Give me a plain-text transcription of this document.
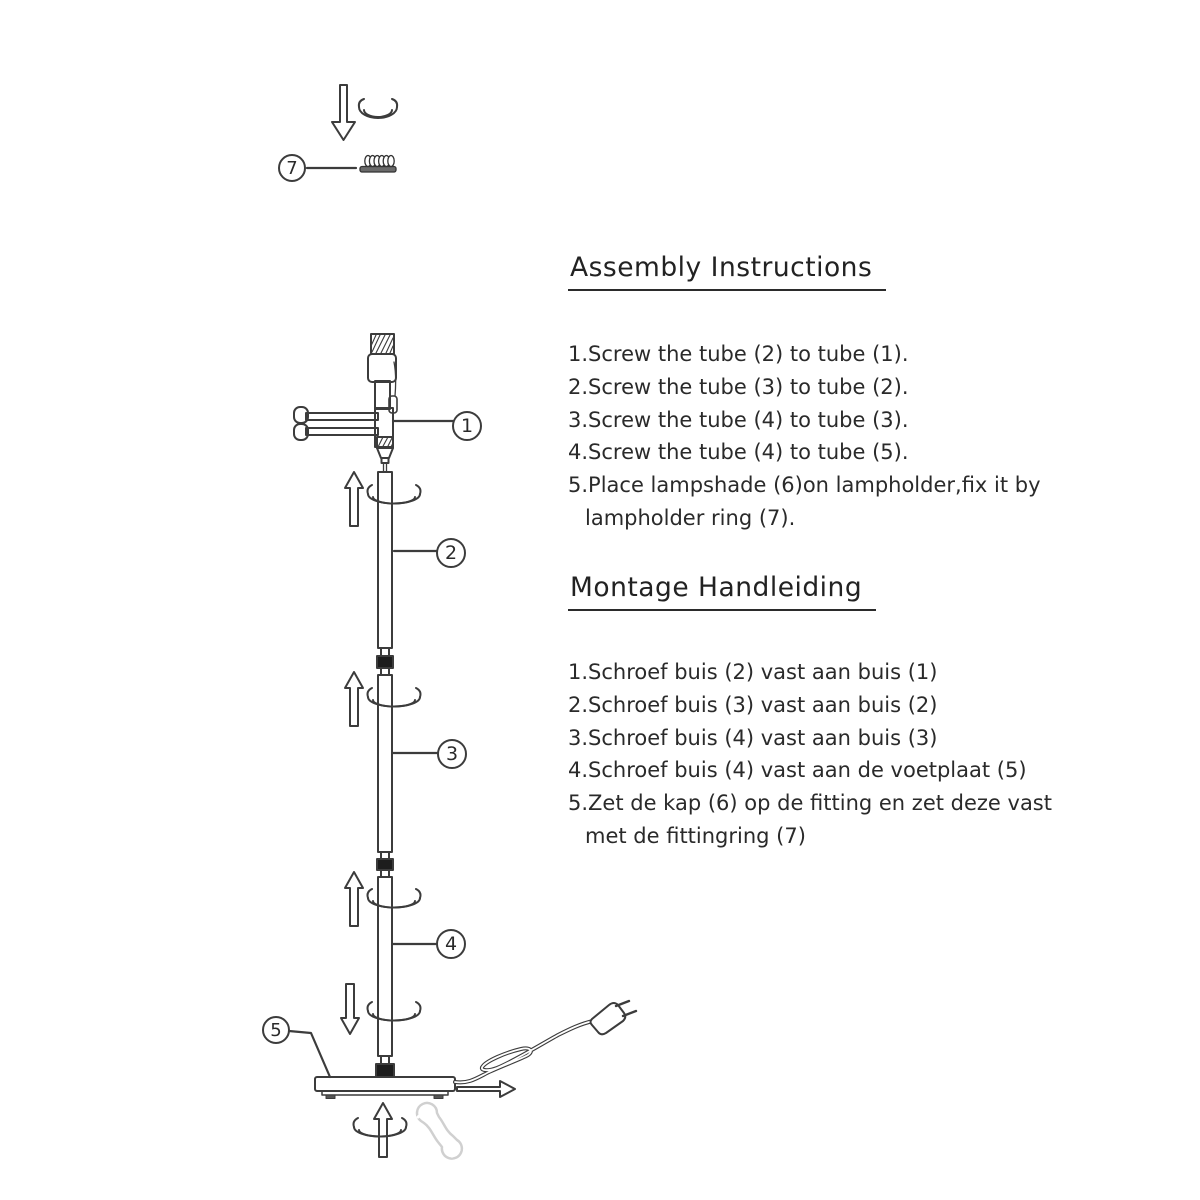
7
1
2
3
4
5
Assembly Instructions
1.Screw the tube (2) to tube (1).
2.Screw the tube (3) to tube (2).
3.Screw the tube (4) to tube (3).
4.Screw the tube (4) to tube (5).
5.Place lampshade (6)on lampholder,fix it by
lampholder ring (7).
Montage Handleiding
1.Schroef buis (2) vast aan buis (1)
2.Schroef buis (3) vast aan buis (2)
3.Schroef buis (4) vast aan buis (3)
4.Schroef buis (4) vast aan de voetplaat (5)
5.Zet de kap (6) op de fitting en zet deze vast
met de fittingring (7)
